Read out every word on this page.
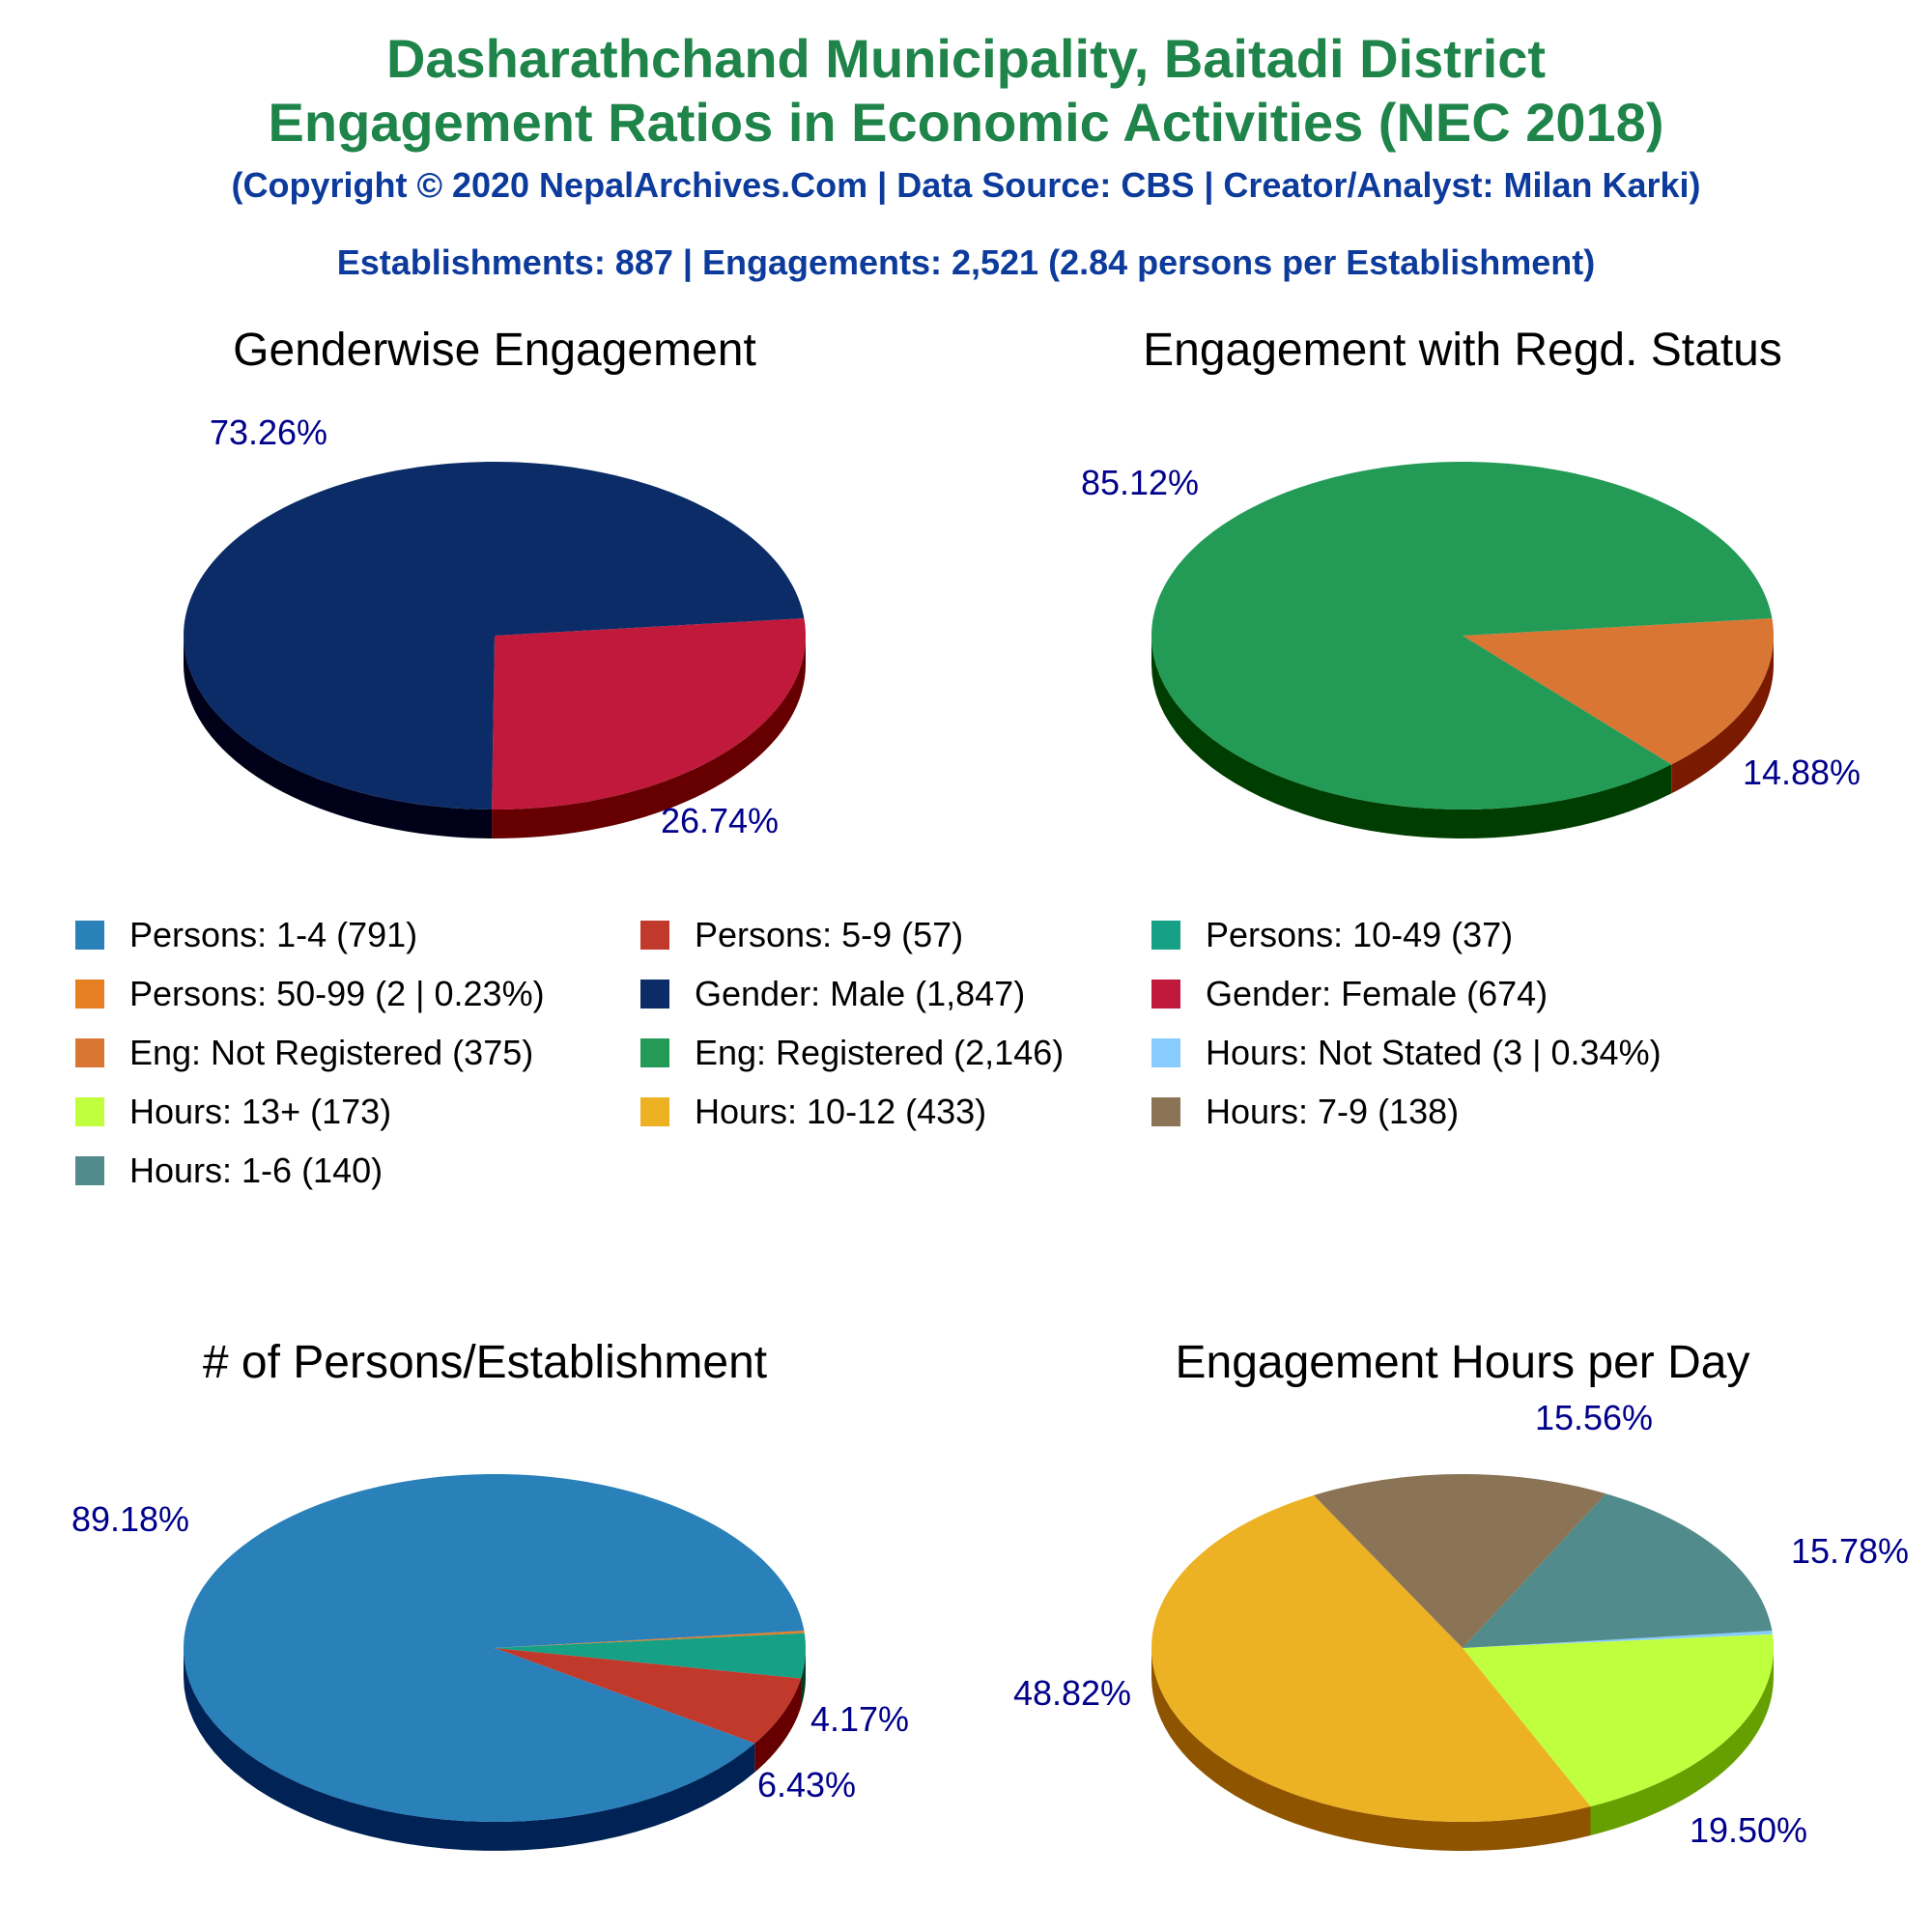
Dasharathchand Municipality, Baitadi District
Engagement Ratios in Economic Activities (NEC 2018)
(Copyright © 2020 NepalArchives.Com | Data Source: CBS | Creator/Analyst: Milan Karki)
Establishments: 887 | Engagements: 2,521 (2.84 persons per Establishment)
Genderwise Engagement
26.74%
73.26%
Engagement with Regd. Status
14.88%
85.12%
# of Persons/Establishment
4.17%
6.43%
89.18%
Engagement Hours per Day
19.50%
48.82%
15.56%
15.78%
Persons: 1-4 (791)	Persons: 5-9 (57)	Persons: 10-49 (37)
Persons: 50-99 (2 | 0.23%)	Gender: Male (1,847)	Gender: Female (674)
Eng: Not Registered (375)	Eng: Registered (2,146)	Hours: Not Stated (3 | 0.34%)
Hours: 13+ (173)	Hours: 10-12 (433)	Hours: 7-9 (138)
Hours: 1-6 (140)
